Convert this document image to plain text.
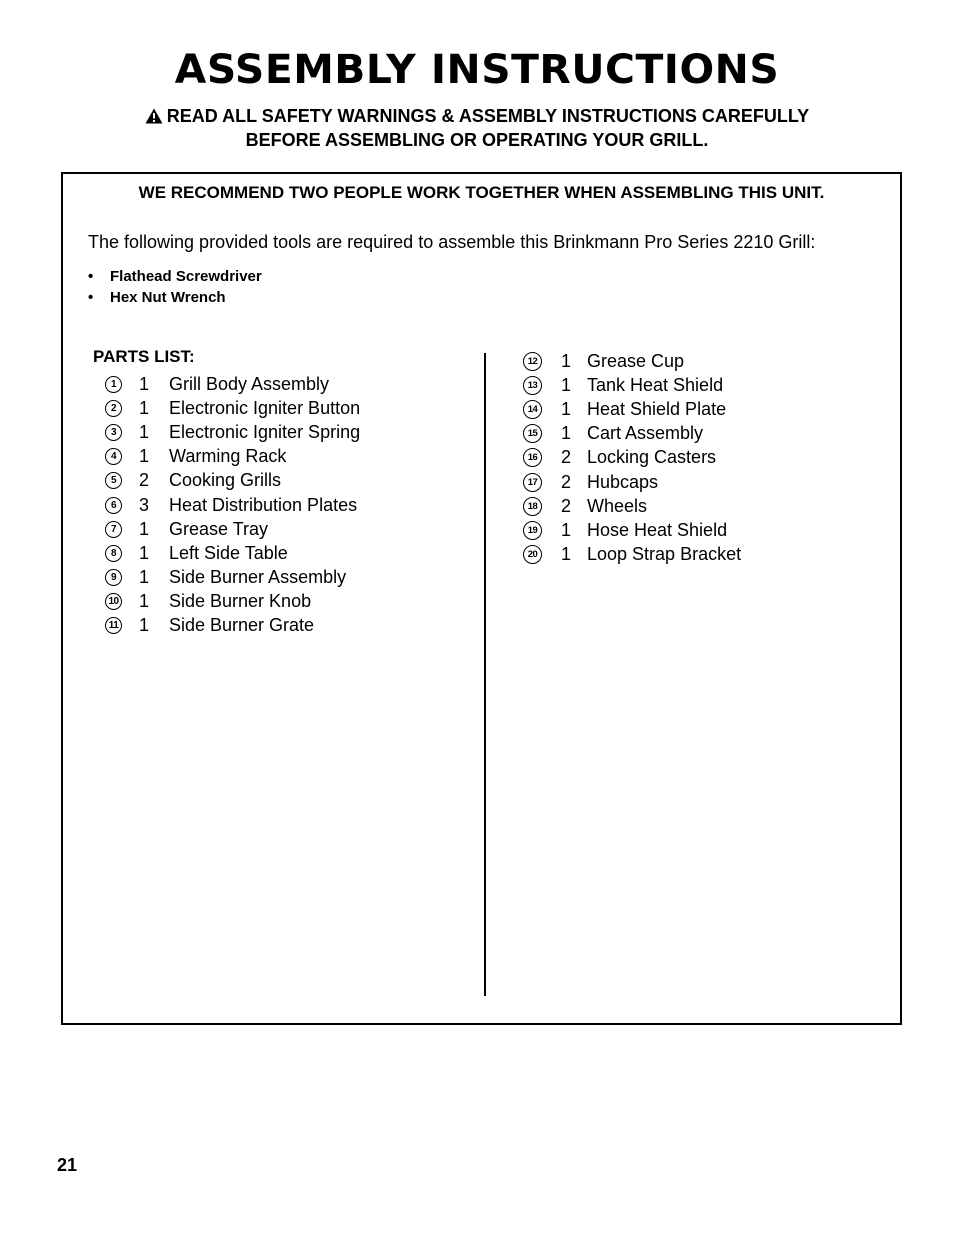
ASSEMBLY INSTRUCTIONS
READ ALL SAFETY WARNINGS & ASSEMBLY INSTRUCTIONS CAREFULLY
BEFORE ASSEMBLING OR OPERATING YOUR GRILL.
WE RECOMMEND TWO PEOPLE WORK TOGETHER WHEN ASSEMBLING THIS UNIT.
The following provided tools are required to assemble this Brinkmann Pro Series 2210 Grill:
• Flathead Screwdriver
• Hex Nut Wrench
PARTS LIST:
1	1	Grill Body Assembly
2	1	Electronic Igniter Button
3	1	Electronic Igniter Spring
4	1	Warming Rack
5	2	Cooking Grills
6	3	Heat Distribution Plates
7	1	Grease Tray
8	1	Left Side Table
9	1	Side Burner Assembly
10 1	Side Burner Knob
11 1	Side Burner Grate
12 1 Grease Cup
13 1 Tank Heat Shield
14 1 Heat Shield Plate
15 1 Cart Assembly
16 2 Locking Casters
17 2 Hubcaps
18 2 Wheels
19 1 Hose Heat Shield
20 1 Loop Strap Bracket
21
